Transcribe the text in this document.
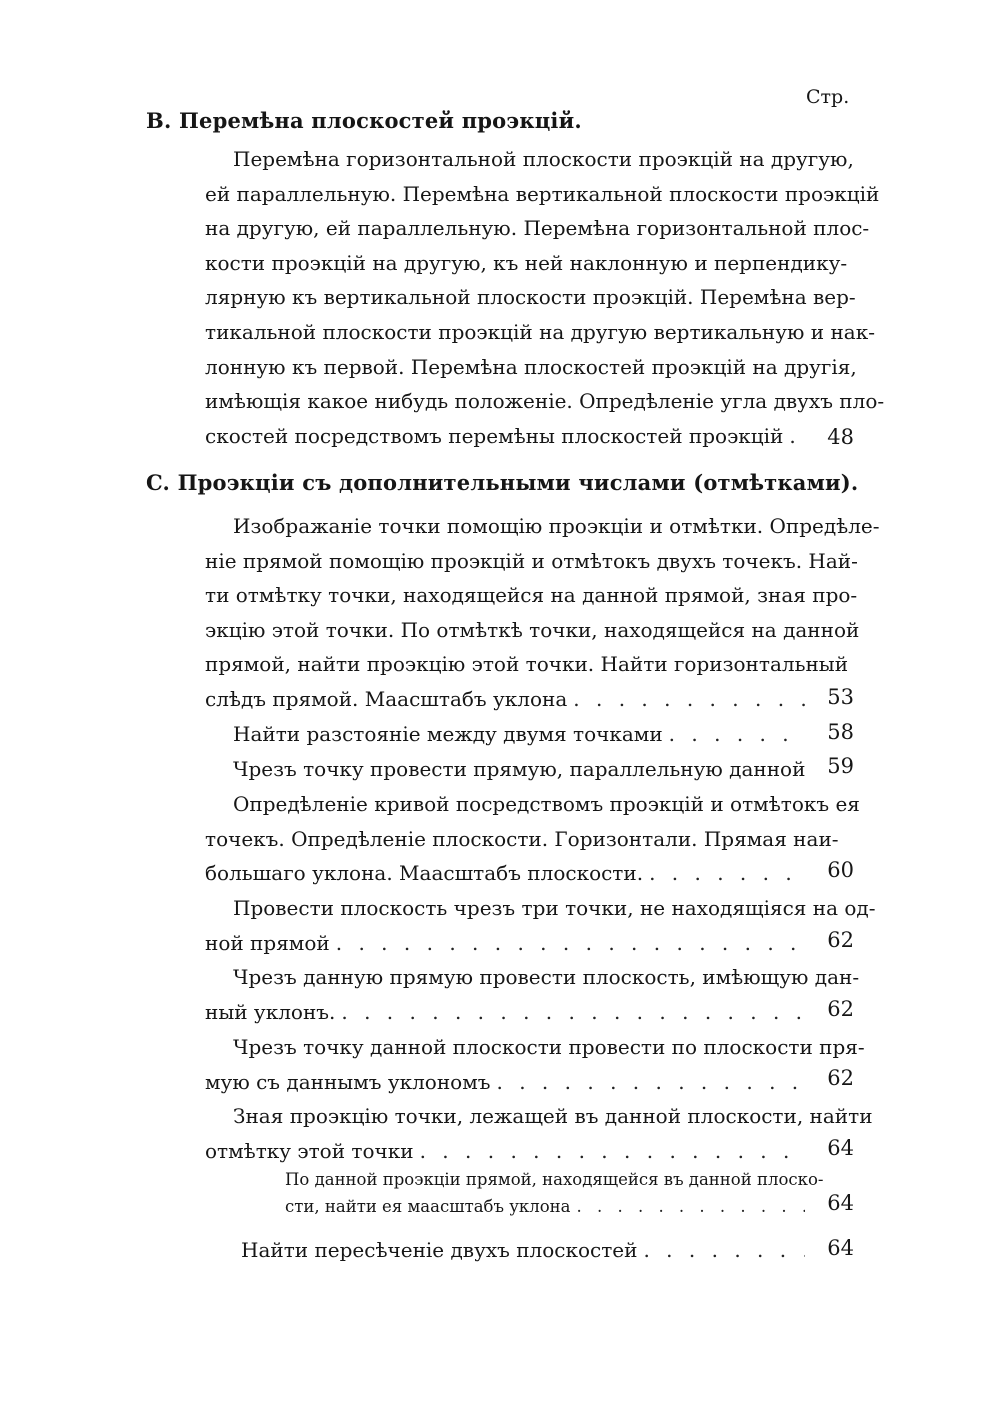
Стр.
B. Перемѣна плоскостей проэкцій.
Перемѣна горизонтальной плоскости проэкцій на другую,
ей параллельную. Перемѣна вертикальной плоскости проэкцій
на другую, ей параллельную. Перемѣна горизонтальной плос-
кости проэкцій на другую, къ ней наклонную и перпендику-
лярную къ вертикальной плоскости проэкцій. Перемѣна вер-
тикальной плоскости проэкцій на другую вертикальную и нак-
лонную къ первой. Перемѣна плоскостей проэкцій на другія,
имѣющія какое нибудь положеніе. Опредѣленіе угла двухъ пло-
скостей посредствомъ перемѣны плоскостей проэкцій . . .	48
C. Проэкціи съ дополнительными числами (отмѣтками).
Изображаніе точки помощію проэкціи и отмѣтки. Опредѣле-
ніе прямой помощію проэкцій и отмѣтокъ двухъ точекъ. Най-
ти отмѣтку точки, находящейся на данной прямой, зная про-
экцію этой точки. По отмѣткѣ точки, находящейся на данной
прямой, найти проэкцію этой точки. Найти горизонтальный
слѣдъ прямой. Маасштабъ уклона . . .	53
Найти разстояніе между двумя точками . . .	58
Чрезъ точку провести прямую, параллельную данной	59
Опредѣленіе кривой посредствомъ проэкцій и отмѣтокъ ея
точекъ. Опредѣленіе плоскости. Горизонтали. Прямая наи-
большаго уклона. Маасштабъ плоскости. . . .	60
Провести плоскость чрезъ три точки, не находящіяся на од-
ной прямой . . .	62
Чрезъ данную прямую провести плоскость, имѣющую дан-
ный уклонъ. . . .	62
Чрезъ точку данной плоскости провести по плоскости пря-
мую съ даннымъ уклономъ . . .	62
Зная проэкцію точки, лежащей въ данной плоскости, найти
отмѣтку этой точки . . .	64
По данной проэкціи прямой, находящейся въ данной плоско-
сти, найти ея маасштабъ уклона . . .	64
Найти пересѣченіе двухъ плоскостей . . .	64
